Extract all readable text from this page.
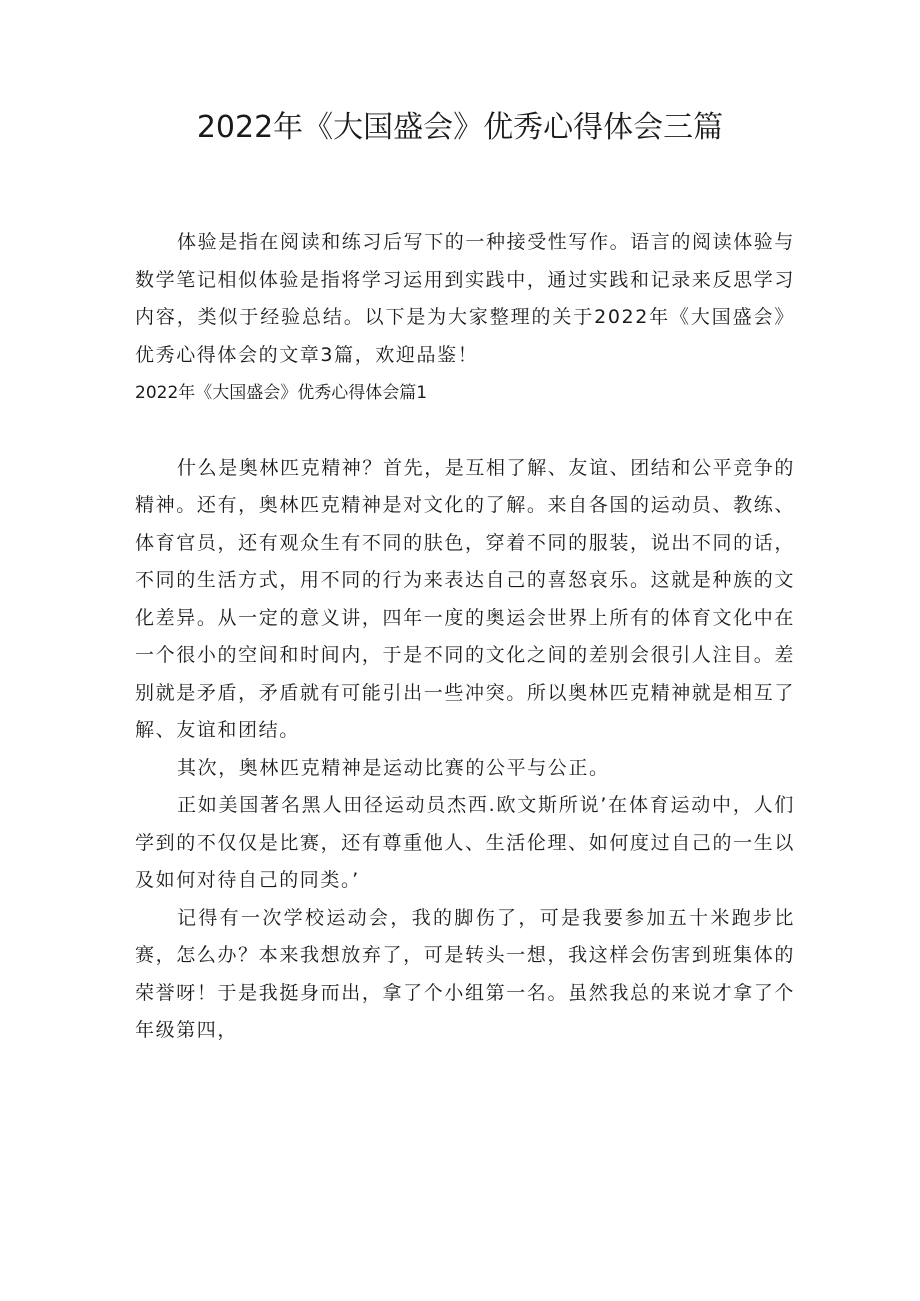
2022年《大国盛会》优秀心得体会三篇

体验是指在阅读和练习后写下的一种接受性写作。语言的阅读体验与数学笔记相似体验是指将学习运用到实践中，通过实践和记录来反思学习内容，类似于经验总结。以下是为大家整理的关于2022年《大国盛会》优秀心得体会的文章3篇，欢迎品鉴！

2022年《大国盛会》优秀心得体会篇1

什么是奥林匹克精神？首先，是互相了解、友谊、团结和公平竞争的精神。还有，奥林匹克精神是对文化的了解。来自各国的运动员、教练、体育官员，还有观众生有不同的肤色，穿着不同的服装，说出不同的话，不同的生活方式，用不同的行为来表达自己的喜怒哀乐。这就是种族的文化差异。从一定的意义讲，四年一度的奥运会世界上所有的体育文化中在一个很小的空间和时间内，于是不同的文化之间的差别会很引人注目。差别就是矛盾，矛盾就有可能引出一些冲突。所以奥林匹克精神就是相互了解、友谊和团结。

其次，奥林匹克精神是运动比赛的公平与公正。

正如美国著名黑人田径运动员杰西.欧文斯所说’在体育运动中，人们学到的不仅仅是比赛，还有尊重他人、生活伦理、如何度过自己的一生以及如何对待自己的同类。’

记得有一次学校运动会，我的脚伤了，可是我要参加五十米跑步比赛，怎么办？本来我想放弃了，可是转头一想，我这样会伤害到班集体的荣誉呀！于是我挺身而出，拿了个小组第一名。虽然我总的来说才拿了个年级第四，
